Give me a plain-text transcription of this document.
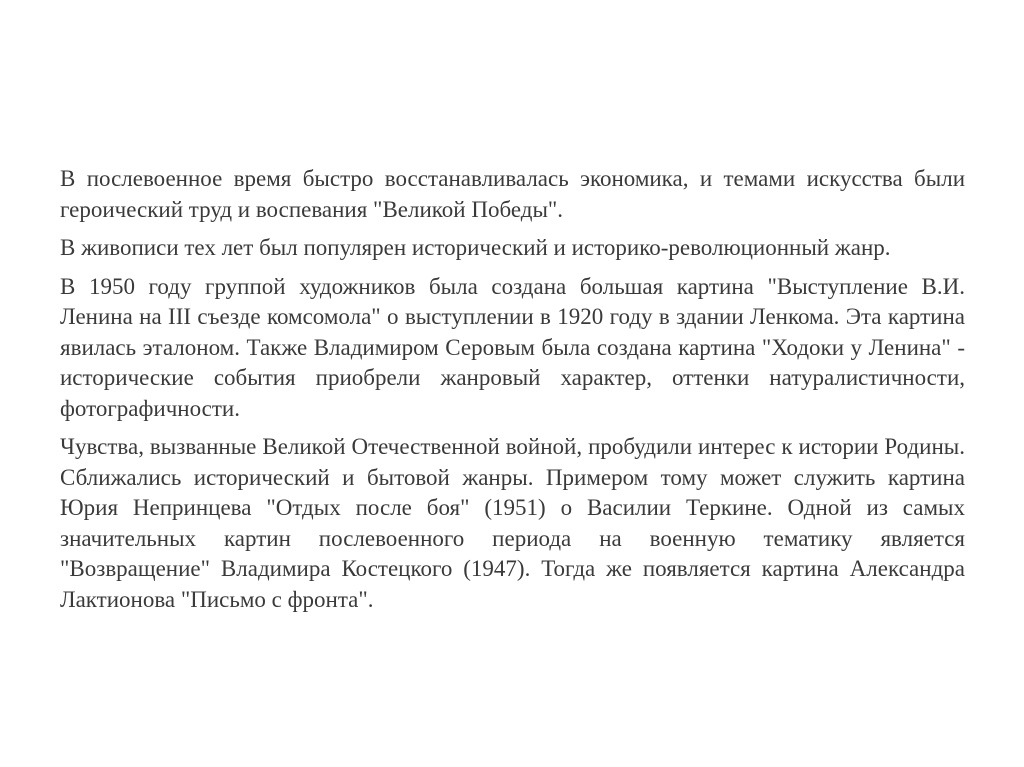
В послевоенное время быстро восстанавливалась экономика, и темами искусства были героический труд и воспевания "Великой Победы".

В живописи тех лет был популярен исторический и историко-революционный жанр.

В 1950 году группой художников была создана большая картина "Выступление В.И. Ленина на III съезде комсомола" о выступлении в 1920 году в здании Ленкома. Эта картина явилась эталоном. Также Владимиром Серовым была создана картина "Ходоки у Ленина" - исторические события приобрели жанровый характер, оттенки натуралистичности, фотографичности.

Чувства, вызванные Великой Отечественной войной, пробудили интерес к истории Родины. Сближались исторический и бытовой жанры. Примером тому может служить картина Юрия Непринцева "Отдых после боя" (1951) о Василии Теркине. Одной из самых значительных картин послевоенного периода на военную тематику является "Возвращение" Владимира Костецкого (1947). Тогда же появляется картина Александра Лактионова "Письмо с фронта".
